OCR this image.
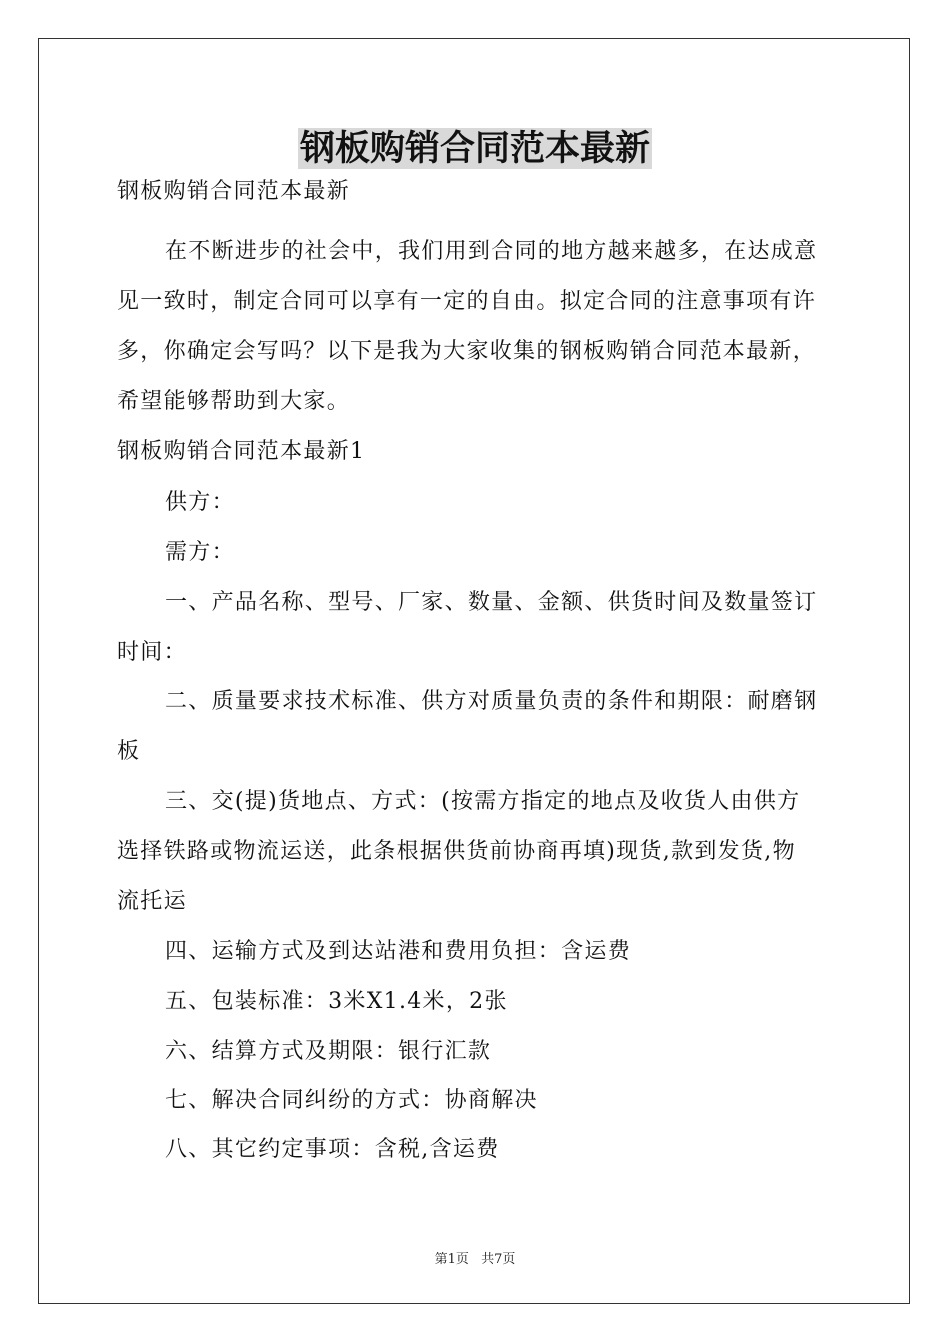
钢板购销合同范本最新
钢板购销合同范本最新
在不断进步的社会中，我们用到合同的地方越来越多，在达成意
见一致时，制定合同可以享有一定的自由。拟定合同的注意事项有许
多，你确定会写吗？以下是我为大家收集的钢板购销合同范本最新，
希望能够帮助到大家。
钢板购销合同范本最新1
供方：
需方：
一、产品名称、型号、厂家、数量、金额、供货时间及数量签订
时间：
二、质量要求技术标准、供方对质量负责的条件和期限：耐磨钢
板
三、交(提)货地点、方式：(按需方指定的地点及收货人由供方
选择铁路或物流运送，此条根据供货前协商再填)现货,款到发货,物
流托运
四、运输方式及到达站港和费用负担：含运费
五、包装标准：3米X1.4米，2张
六、结算方式及期限：银行汇款
七、解决合同纠纷的方式：协商解决
八、其它约定事项：含税,含运费
第1页 共7页
